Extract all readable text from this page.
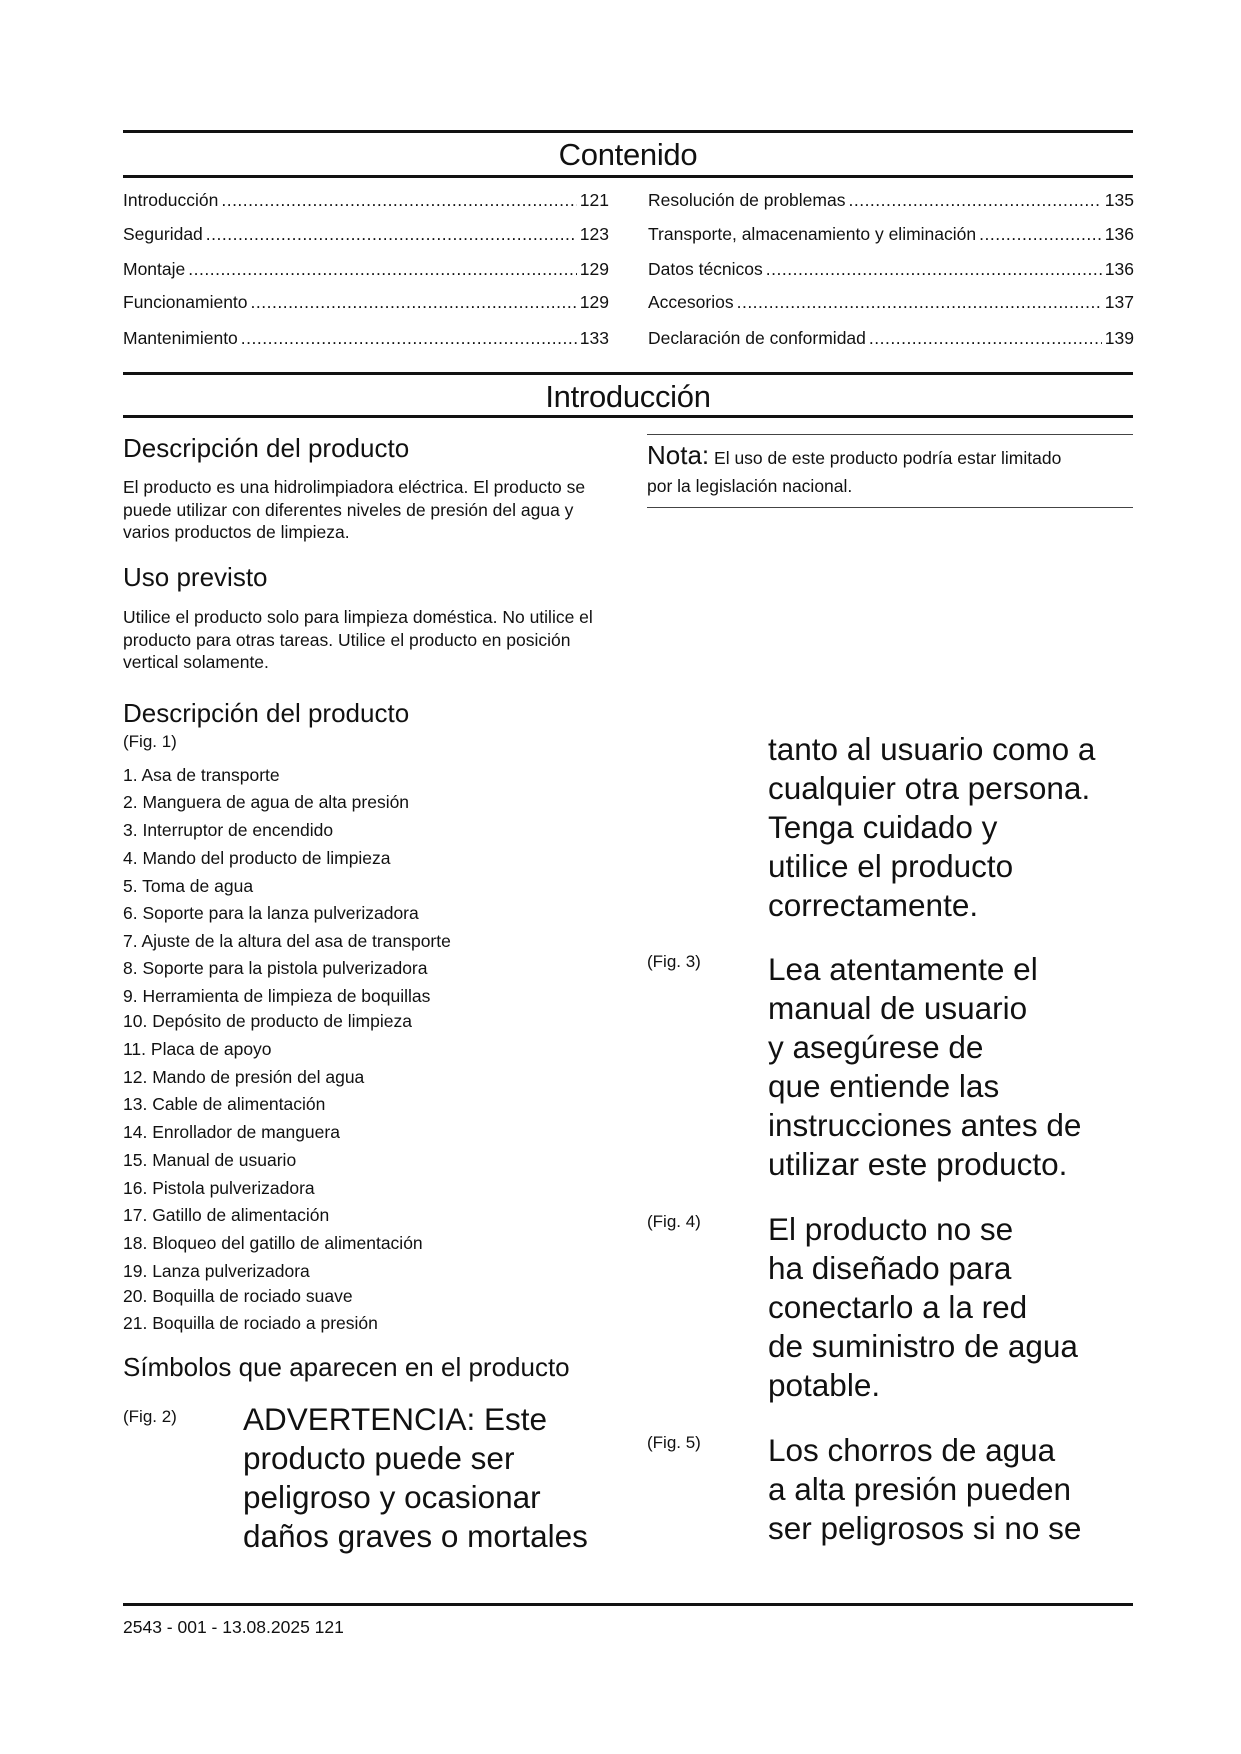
Contenido
Introducción .....	121
Seguridad .....	123
Montaje .....	129
Funcionamiento .....	129
Mantenimiento .....	133
Resolución de problemas .....	135
Transporte, almacenamiento y eliminación .....	136
Datos técnicos .....	136
Accesorios .....	137
Declaración de conformidad .....	139
Introducción
Descripción del producto
El producto es una hidrolimpiadora eléctrica. El producto se puede utilizar con diferentes niveles de presión del agua y varios productos de limpieza.
Uso previsto
Utilice el producto solo para limpieza doméstica. No utilice el producto para otras tareas. Utilice el producto en posición vertical solamente.
Descripción del producto
(Fig. 1)
1. Asa de transporte
2. Manguera de agua de alta presión
3. Interruptor de encendido
4. Mando del producto de limpieza
5. Toma de agua
6. Soporte para la lanza pulverizadora
7. Ajuste de la altura del asa de transporte
8. Soporte para la pistola pulverizadora
9. Herramienta de limpieza de boquillas
10. Depósito de producto de limpieza
11. Placa de apoyo
12. Mando de presión del agua
13. Cable de alimentación
14. Enrollador de manguera
15. Manual de usuario
16. Pistola pulverizadora
17. Gatillo de alimentación
18. Bloqueo del gatillo de alimentación
19. Lanza pulverizadora
20. Boquilla de rociado suave
21. Boquilla de rociado a presión
Símbolos que aparecen en el producto
(Fig. 2) ADVERTENCIA: Este
producto puede ser
peligroso y ocasionar
daños graves o mortales
Nota: El uso de este producto podría estar limitado
por la legislación nacional.
tanto al usuario como a
cualquier otra persona.
Tenga cuidado y
utilice el producto
correctamente.
(Fig. 3) Lea atentamente el
manual de usuario
y asegúrese de
que entiende las
instrucciones antes de
utilizar este producto.
(Fig. 4) El producto no se
ha diseñado para
conectarlo a la red
de suministro de agua
potable.
(Fig. 5) Los chorros de agua
a alta presión pueden
ser peligrosos si no se
2543 - 001 - 13.08.2025 121
